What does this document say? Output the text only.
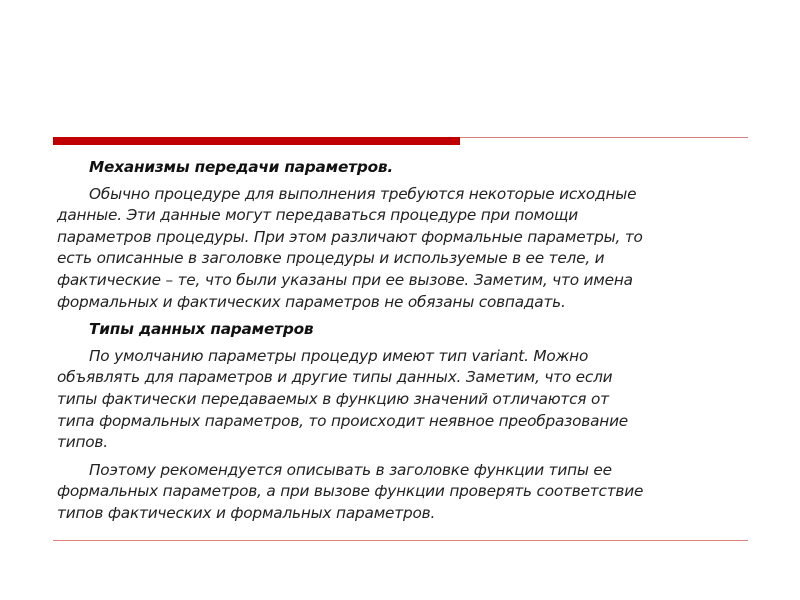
Механизмы передачи параметров.
Обычно процедуре для выполнения требуются некоторые исходные
данные. Эти данные могут передаваться процедуре при помощи
параметров процедуры. При этом различают формальные параметры, то
есть описанные в заголовке процедуры и используемые в ее теле, и
фактические – те, что были указаны при ее вызове. Заметим, что имена
формальных и фактических параметров не обязаны совпадать.
Типы данных параметров
По умолчанию параметры процедур имеют тип variant. Можно
объявлять для параметров и другие типы данных. Заметим, что если
типы фактически передаваемых в функцию значений отличаются от
типа формальных параметров, то происходит неявное преобразование
типов.
Поэтому рекомендуется описывать в заголовке функции типы ее
формальных параметров, а при вызове функции проверять соответствие
типов фактических и формальных параметров.
